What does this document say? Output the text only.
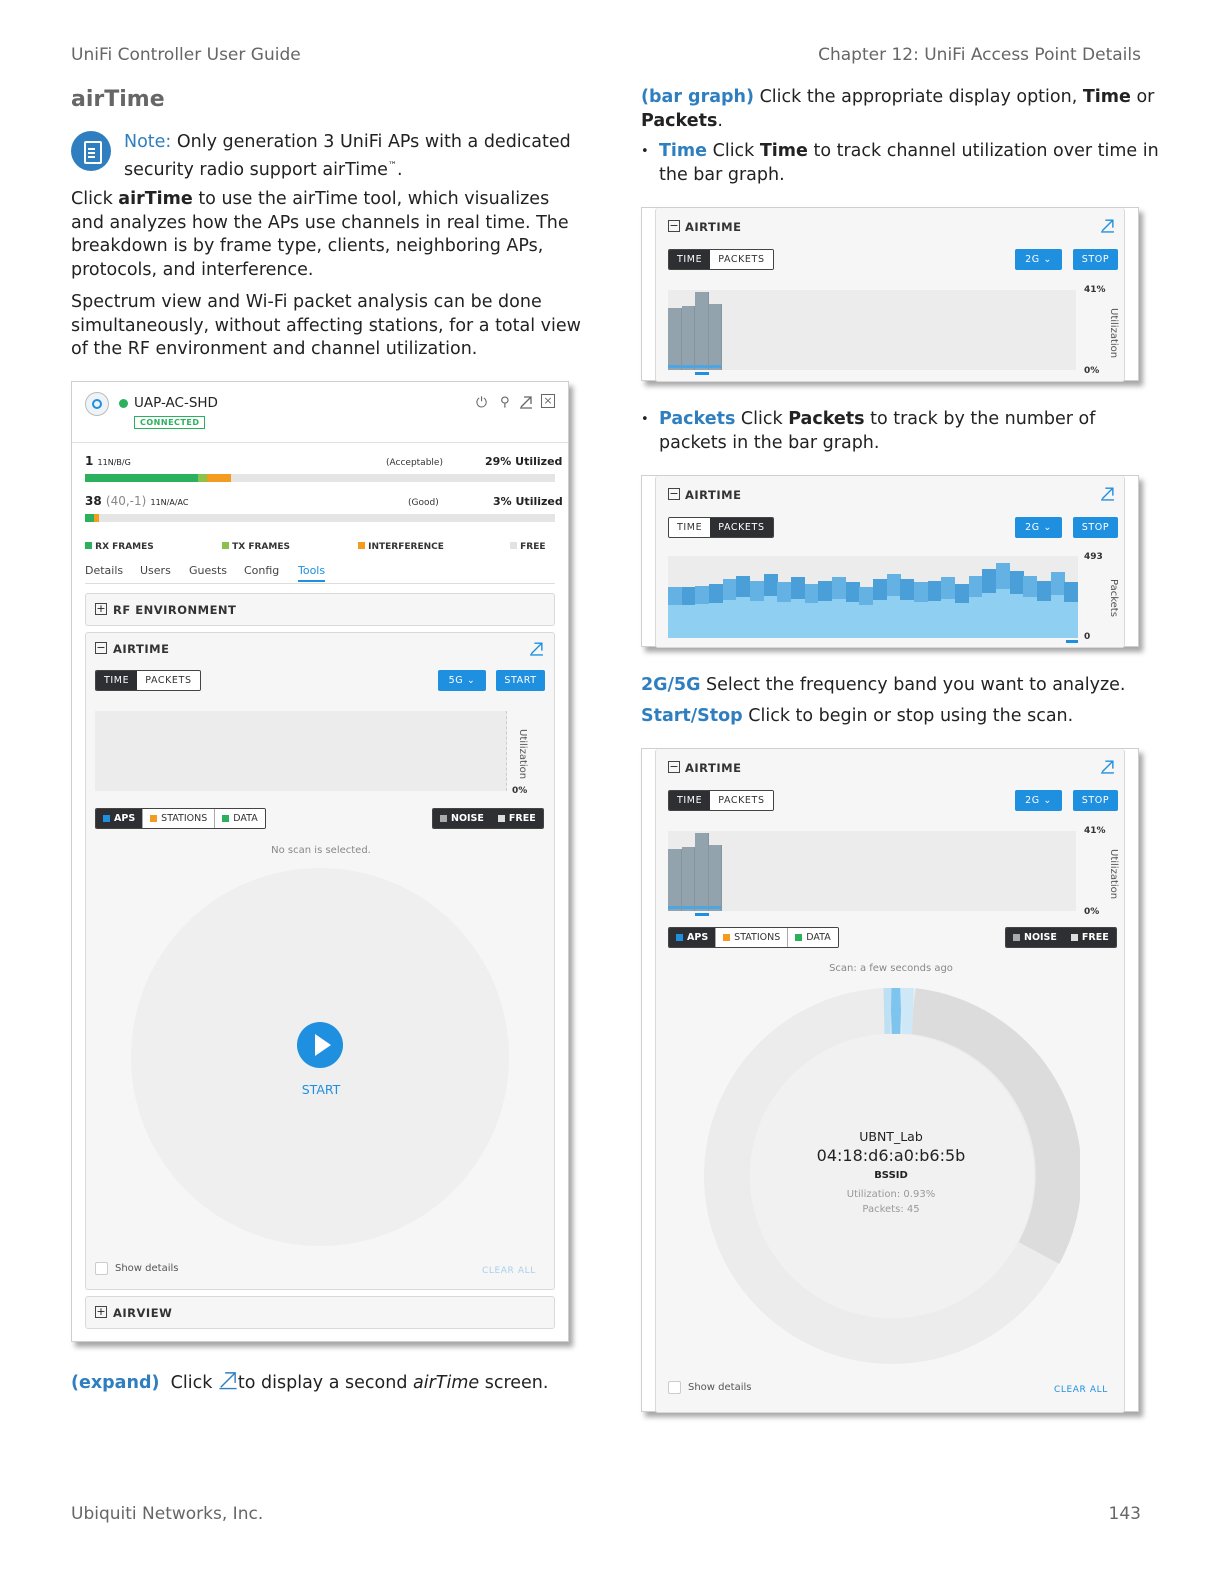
UniFi Controller User Guide	Chapter 12: UniFi Access Point Details
Ubiquiti Networks, Inc.	143
airTime
Note: Only generation 3 UniFi APs with a dedicated
security radio support airTime™.
Click airTime to use the airTime tool, which visualizes
and analyzes how the APs use channels in real time. The
breakdown is by frame type, clients, neighboring APs,
protocols, and interference.
Spectrum view and Wi-Fi packet analysis can be done
simultaneously, without affecting stations, for a total view
of the RF environment and channel utilization.
UAP-AC-SHD
CONNECTED
⏻ ⚲	×
1 11N/B/G	(Acceptable)	29% Utilized
38 (40,-1) 11N/A/AC	(Good)	3% Utilized
RX FRAMES	TX FRAMES	INTERFERENCE	FREE
Details	Users	Guests	Config	Tools
+ RF ENVIRONMENT
− AIRTIME
TIME	PACKETS	5G ⌄	START
Utilization
0%
APS	STATIONS	DATA	NOISE	FREE
No scan is selected.
START
Show details	CLEAR ALL
+ AIRVIEW
(expand) Click to display a second airTime screen.
(bar graph) Click the appropriate display option, Time or
Packets.
• Time Click Time to track channel utilization over time in
the bar graph.
− AIRTIME
TIME	PACKETS	2G ⌄	STOP
41%
0%
Utilization
• Packets Click Packets to track by the number of
packets in the bar graph.
− AIRTIME
TIME	PACKETS	2G ⌄	STOP
493
0
Packets
2G/5G Select the frequency band you want to analyze.
Start/Stop Click to begin or stop using the scan.
− AIRTIME
TIME	PACKETS	2G ⌄	STOP
41%
0%
Utilization
APS	STATIONS	DATA	NOISE	FREE
Scan: a few seconds ago
UBNT_Lab
04:18:d6:a0:b6:5b
BSSID
Utilization: 0.93%
Packets: 45
Show details	CLEAR ALL
